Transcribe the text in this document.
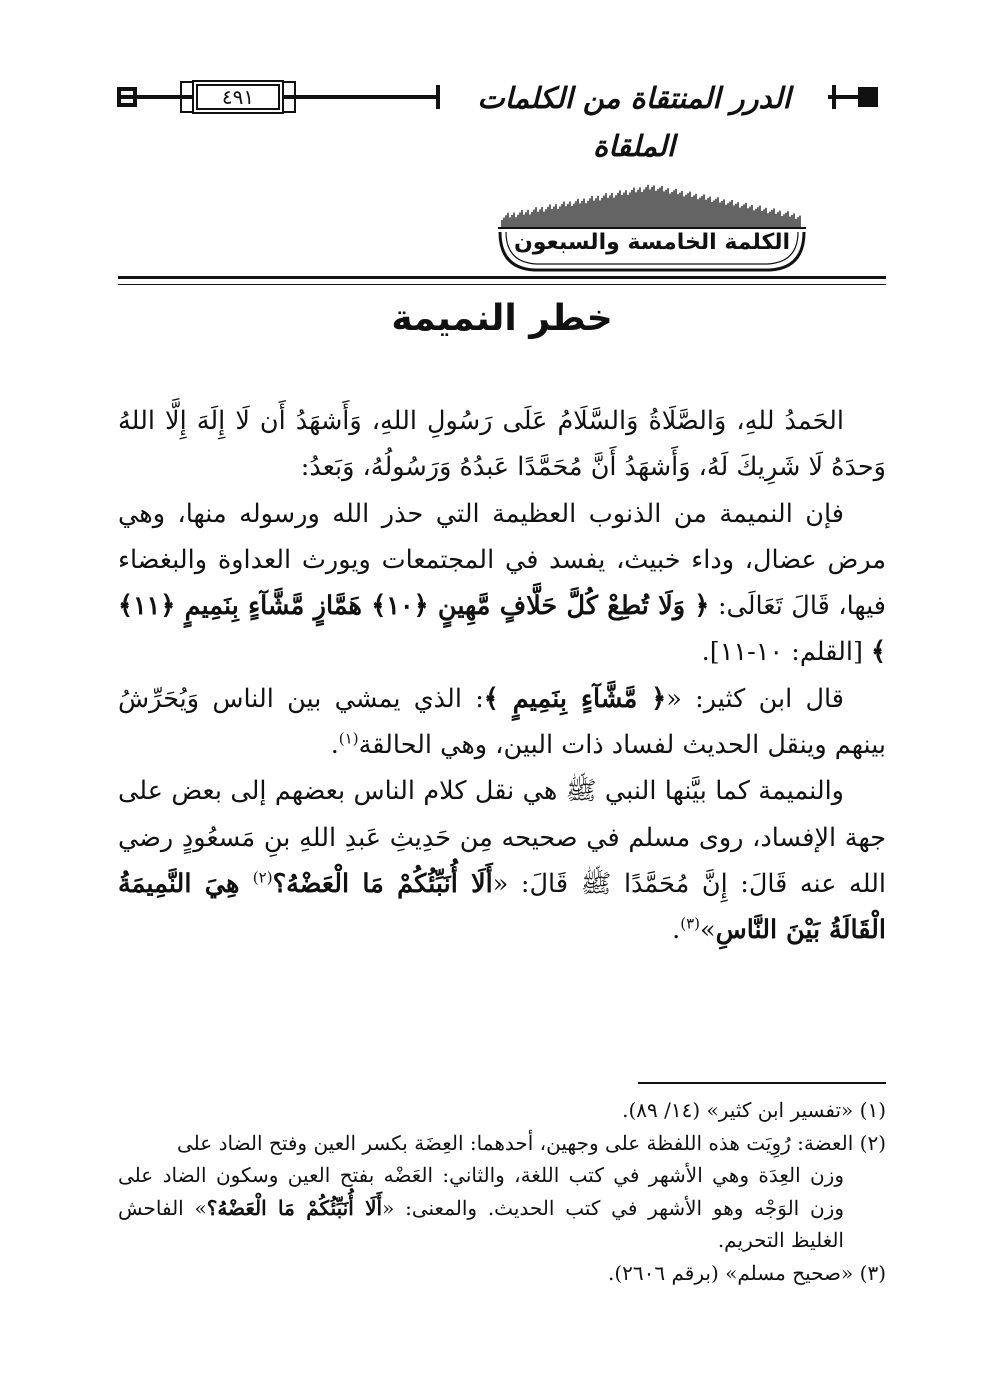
الدرر المنتقاة من الكلمات الملقاة
٤٩١
الكلمة الخامسة والسبعون
خطر النميمة

الحَمدُ للهِ، وَالصَّلَاةُ وَالسَّلَامُ عَلَى رَسُولِ اللهِ، وَأَشهَدُ أَن لَا إِلَهَ إِلَّا اللهُ وَحدَهُ لَا شَرِيكَ لَهُ، وَأَشهَدُ أَنَّ مُحَمَّدًا عَبدُهُ وَرَسُولُهُ، وَبَعدُ:

فإن النميمة من الذنوب العظيمة التي حذر الله ورسوله منها، وهي مرض عضال، وداء خبيث، يفسد في المجتمعات ويورث العداوة والبغضاء فيها، قَالَ تَعَالَى: ﴿ وَلَا تُطِعْ كُلَّ حَلَّافٍ مَّهِينٍ ﴿١٠﴾ هَمَّازٍ مَّشَّآءٍ بِنَمِيمٍ ﴿١١﴾ ﴾ [القلم: ١٠-١١].

قال ابن كثير: «﴿ مَّشَّآءٍ بِنَمِيمٍ ﴾: الذي يمشي بين الناس وَيُحَرِّشُ بينهم وينقل الحديث لفساد ذات البين، وهي الحالقة$^{(١)}$.

والنميمة كما بيَّنها النبي ﷺ هي نقل كلام الناس بعضهم إلى بعض على جهة الإفساد، روى مسلم في صحيحه مِن حَدِيثِ عَبدِ اللهِ بنِ مَسعُودٍ رضي الله عنه قَالَ: إِنَّ مُحَمَّدًا ﷺ قَالَ: «أَلَا أُنَبِّئُكُمْ مَا الْعَضْهُ؟$^{(٢)}$ هِيَ النَّمِيمَةُ الْقَالَةُ بَيْنَ النَّاسِ»$^{(٣)}$.

(١) «تفسير ابن كثير» (١٤/ ٨٩).

(٢) العضة: رُوِيَت هذه اللفظة على وجهين، أحدهما: العِضَة بكسر العين وفتح الضاد على

وزن العِدَة وهي الأشهر في كتب اللغة، والثاني: العَضْه بفتح العين وسكون الضاد على وزن الوَجْه وهو الأشهر في كتب الحديث. والمعنى: «أَلَا أُنَبِّئُكُمْ مَا الْعَضْهُ؟» الفاحش الغليظ التحريم.

(٣) «صحيح مسلم» (برقم ٢٦٠٦).
